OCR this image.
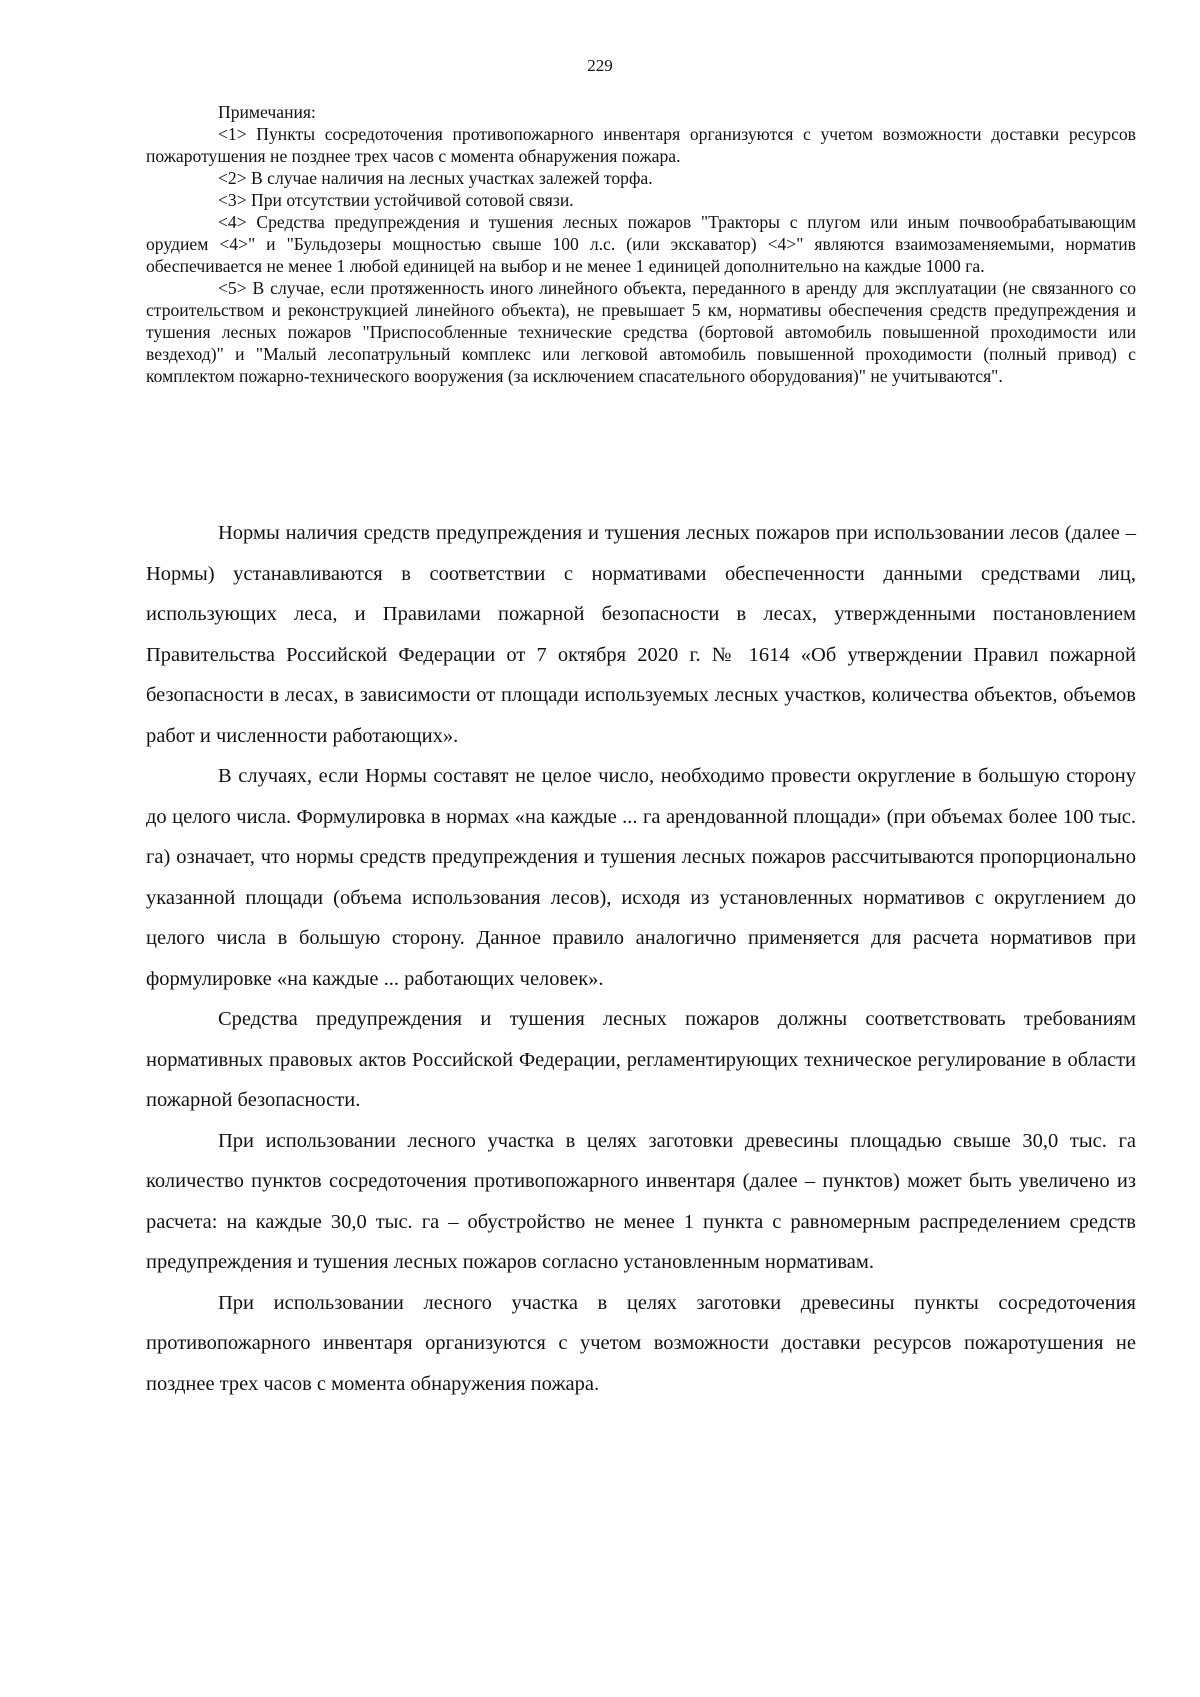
229

Примечания:

<1> Пункты сосредоточения противопожарного инвентаря организуются с учетом возможности доставки ресурсов пожаротушения не позднее трех часов с момента обнаружения пожара.

<2> В случае наличия на лесных участках залежей торфа.

<3> При отсутствии устойчивой сотовой связи.

<4> Средства предупреждения и тушения лесных пожаров "Тракторы с плугом или иным почвообрабатывающим орудием <4>" и "Бульдозеры мощностью свыше 100 л.с. (или экскаватор) <4>" являются взаимозаменяемыми, норматив обеспечивается не менее 1 любой единицей на выбор и не менее 1 единицей дополнительно на каждые 1000 га.

<5> В случае, если протяженность иного линейного объекта, переданного в аренду для эксплуатации (не связанного со строительством и реконструкцией линейного объекта), не превышает 5 км, нормативы обеспечения средств предупреждения и тушения лесных пожаров "Приспособленные технические средства (бортовой автомобиль повышенной проходимости или вездеход)" и "Малый лесопатрульный комплекс или легковой автомобиль повышенной проходимости (полный привод) с комплектом пожарно-технического вооружения (за исключением спасательного оборудования)" не учитываются".

Нормы наличия средств предупреждения и тушения лесных пожаров при использовании лесов (далее – Нормы) устанавливаются в соответствии с нормативами обеспеченности данными средствами лиц, использующих леса, и Правилами пожарной безопасности в лесах, утвержденными постановлением Правительства Российской Федерации от 7 октября 2020 г. № 1614 «Об утверждении Правил пожарной безопасности в лесах, в зависимости от площади используемых лесных участков, количества объектов, объемов работ и численности работающих».

В случаях, если Нормы составят не целое число, необходимо провести округление в большую сторону до целого числа. Формулировка в нормах «на каждые ... га арендованной площади» (при объемах более 100 тыс. га) означает, что нормы средств предупреждения и тушения лесных пожаров рассчитываются пропорционально указанной площади (объема использования лесов), исходя из установленных нормативов с округлением до целого числа в большую сторону. Данное правило аналогично применяется для расчета нормативов при формулировке «на каждые ... работающих человек».

Средства предупреждения и тушения лесных пожаров должны соответствовать требованиям нормативных правовых актов Российской Федерации, регламентирующих техническое регулирование в области пожарной безопасности.

При использовании лесного участка в целях заготовки древесины площадью свыше 30,0 тыс. га количество пунктов сосредоточения противопожарного инвентаря (далее – пунктов) может быть увеличено из расчета: на каждые 30,0 тыс. га – обустройство не менее 1 пункта с равномерным распределением средств предупреждения и тушения лесных пожаров согласно установленным нормативам.

При использовании лесного участка в целях заготовки древесины пункты сосредоточения противопожарного инвентаря организуются с учетом возможности доставки ресурсов пожаротушения не позднее трех часов с момента обнаружения пожара.
